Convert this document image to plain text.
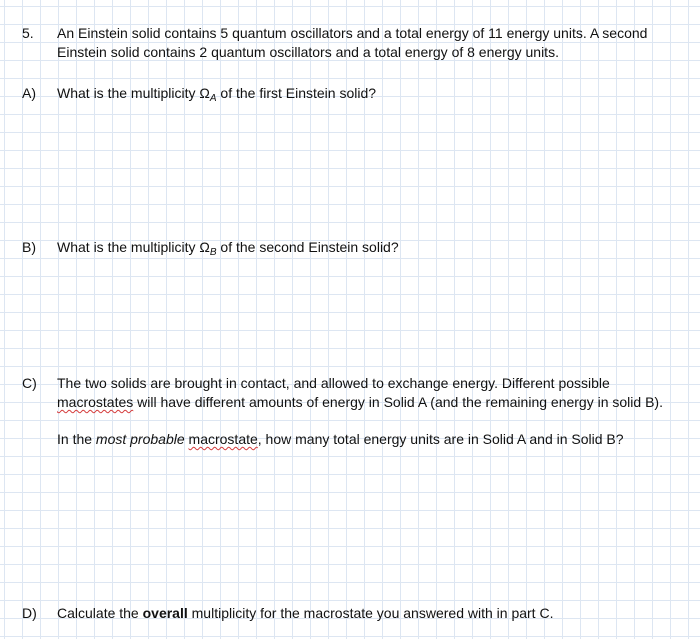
5. An Einstein solid contains 5 quantum oscillators and a total energy of 11 energy units. A second Einstein solid contains 2 quantum oscillators and a total energy of 8 energy units.
A) What is the multiplicity $\Omega_A$ of the first Einstein solid?
B) What is the multiplicity $\Omega_B$ of the second Einstein solid?
C) The two solids are brought in contact, and allowed to exchange energy. Different possible macrostates will have different amounts of energy in Solid A (and the remaining energy in solid B).
In the most probable macrostate, how many total energy units are in Solid A and in Solid B?
D) Calculate the overall multiplicity for the macrostate you answered with in part C.
